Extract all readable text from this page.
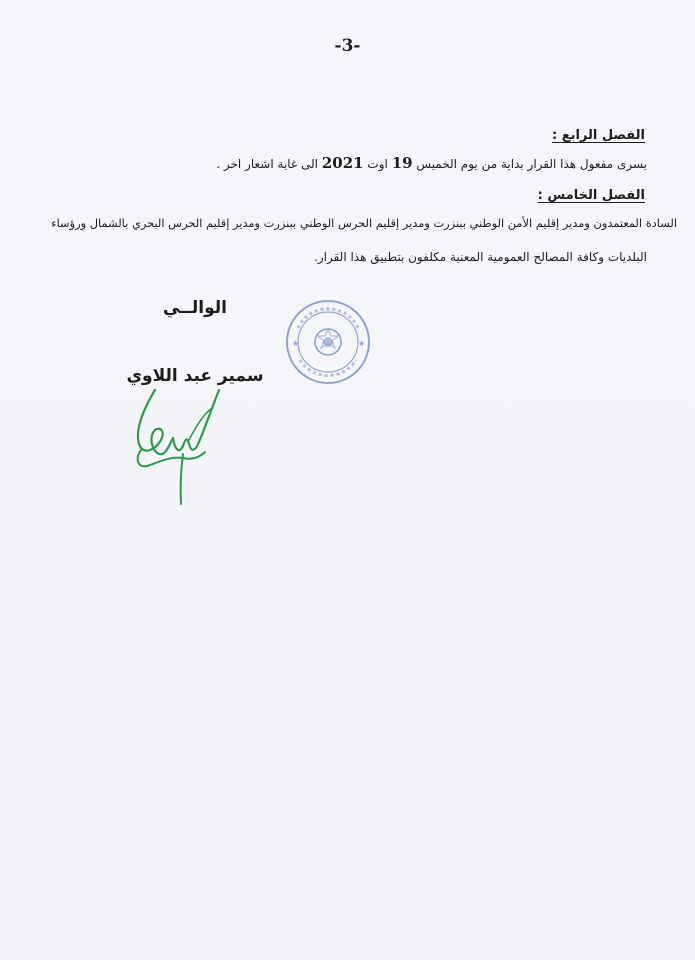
-3-
الفصل الرابع :
يسرى مفعول هذا القرار بداية من يوم الخميس 19 اوت 2021 الى غاية اشعار اخر .
الفصل الخامس :
السادة المعتمدون ومدير إقليم الأمن الوطني ببنزرت ومدير إقليم الحرس الوطني ببنزرت ومدير إقليم الحرس البحري بالشمال ورؤساء
البلديات وكافة المصالح العمومية المعنية مكلفون بتطبيق هذا القرار.
الوالــي
سمير عبد اللاوي
★	★
